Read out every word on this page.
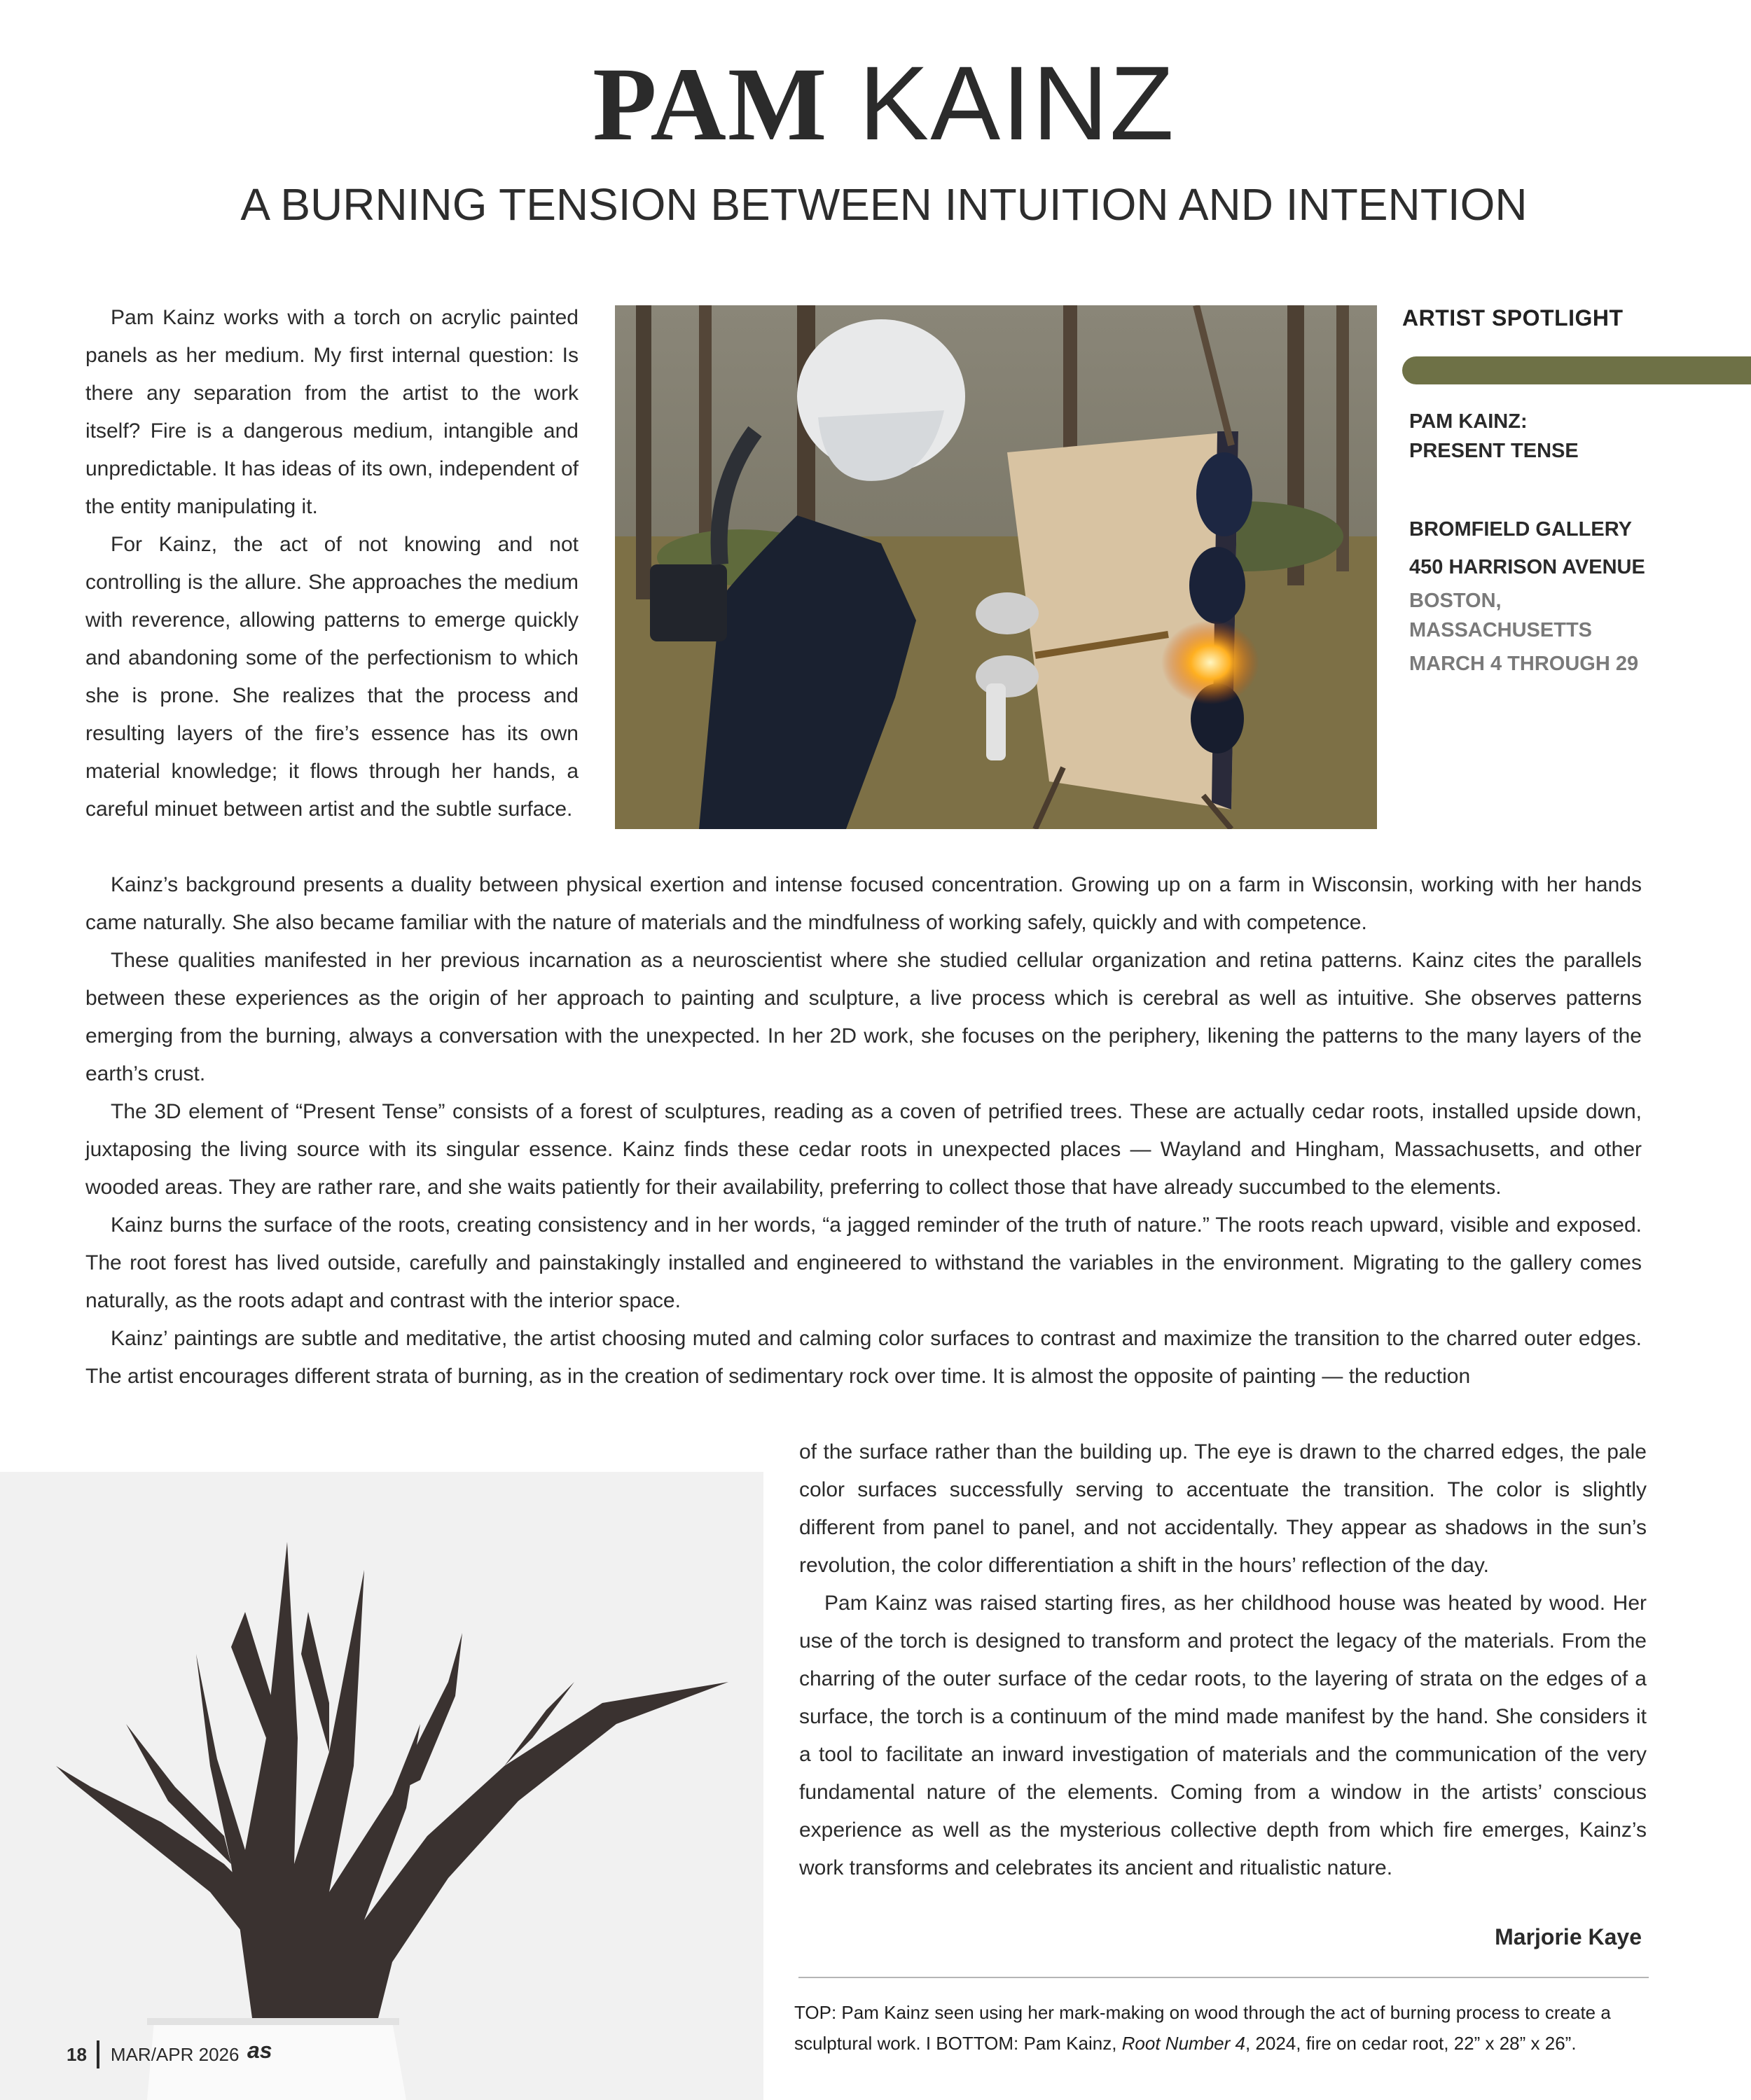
PAM KAINZ
A BURNING TENSION BETWEEN INTUITION AND INTENTION

Pam Kainz works with a torch on acrylic painted panels as her medium. My first internal question: Is there any separation from the artist to the work itself? Fire is a dangerous medium, intangible and unpredictable. It has ideas of its own, independent of the entity manipulating it.

For Kainz, the act of not knowing and not controlling is the allure. She approaches the medium with reverence, allowing patterns to emerge quickly and abandoning some of the perfectionism to which she is prone. She realizes that the process and resulting layers of the fire’s essence has its own material knowledge; it flows through her hands, a careful minuet between artist and the subtle surface.

ARTIST SPOTLIGHT
PAM KAINZ:
PRESENT TENSE
BROMFIELD GALLERY
450 HARRISON AVENUE
BOSTON,
MASSACHUSETTS
MARCH 4 THROUGH 29

Kainz’s background presents a duality between physical exertion and intense focused concentration. Growing up on a farm in Wisconsin, working with her hands came naturally. She also became familiar with the nature of materials and the mindfulness of working safely, quickly and with competence.

These qualities manifested in her previous incarnation as a neuroscientist where she studied cellular organization and retina patterns. Kainz cites the parallels between these experiences as the origin of her approach to painting and sculpture, a live process which is cerebral as well as intuitive. She observes patterns emerging from the burning, always a conversation with the unexpected. In her 2D work, she focuses on the periphery, likening the patterns to the many layers of the earth’s crust.

The 3D element of “Present Tense” consists of a forest of sculptures, reading as a coven of petrified trees. These are actually cedar roots, installed upside down, juxtaposing the living source with its singular essence. Kainz finds these cedar roots in unexpected places — Wayland and Hingham, Massachusetts, and other wooded areas. They are rather rare, and she waits patiently for their availability, preferring to collect those that have already succumbed to the elements.

Kainz burns the surface of the roots, creating consistency and in her words, “a jagged reminder of the truth of nature.” The roots reach upward, visible and exposed. The root forest has lived outside, carefully and painstakingly installed and engineered to withstand the variables in the environment. Migrating to the gallery comes naturally, as the roots adapt and contrast with the interior space.

Kainz’ paintings are subtle and meditative, the artist choosing muted and calming color surfaces to contrast and maximize the transition to the charred outer edges. The artist encourages different strata of burning, as in the creation of sedimentary rock over time. It is almost the opposite of painting — the reduction

of the surface rather than the building up. The eye is drawn to the charred edges, the pale color surfaces successfully serving to accentuate the transition. The color is slightly different from panel to panel, and not accidentally. They appear as shadows in the sun’s revolution, the color differentiation a shift in the hours’ reflection of the day.

Pam Kainz was raised starting fires, as her childhood house was heated by wood. Her use of the torch is designed to transform and protect the legacy of the materials. From the charring of the outer surface of the cedar roots, to the layering of strata on the edges of a surface, the torch is a continuum of the mind made manifest by the hand. She considers it a tool to facilitate an inward investigation of materials and the communication of the very fundamental nature of the elements. Coming from a window in the artists’ conscious experience as well as the mysterious collective depth from which fire emerges, Kainz’s work transforms and celebrates its ancient and ritualistic nature.

Marjorie Kaye
TOP: Pam Kainz seen using her mark-making on wood through the act of burning process to create a sculptural work. I BOTTOM: Pam Kainz, Root Number 4, 2024, fire on cedar root, 22” x 28” x 26”.
18 MAR/APR 2026 as
